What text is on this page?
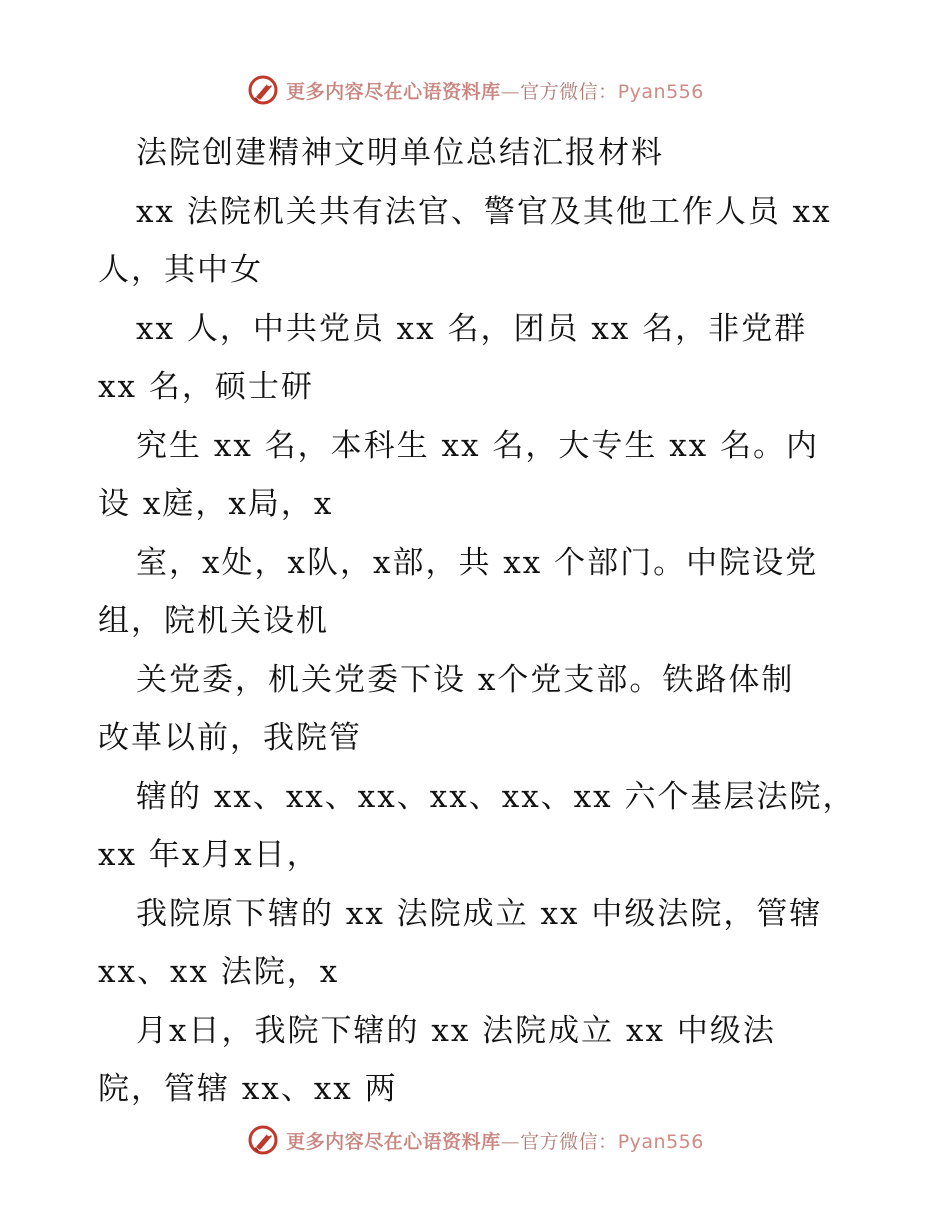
更多内容尽在心语资料库—官方微信：Pyan556
法院创建精神文明单位总结汇报材料
xx 法院机关共有法官、警官及其他工作人员 xx
人，其中女
xx 人，中共党员 xx 名，团员 xx 名，非党群
xx 名，硕士研
究生 xx 名，本科生 xx 名，大专生 xx 名。内
设 x庭，x局，x
室，x处，x队，x部，共 xx 个部门。中院设党
组，院机关设机
关党委，机关党委下设 x个党支部。铁路体制
改革以前，我院管
辖的 xx、xx、xx、xx、xx、xx 六个基层法院，
xx 年x月x日，
我院原下辖的 xx 法院成立 xx 中级法院，管辖
xx、xx 法院，x
月x日，我院下辖的 xx 法院成立 xx 中级法
院，管辖 xx、xx 两
更多内容尽在心语资料库—官方微信：Pyan556
